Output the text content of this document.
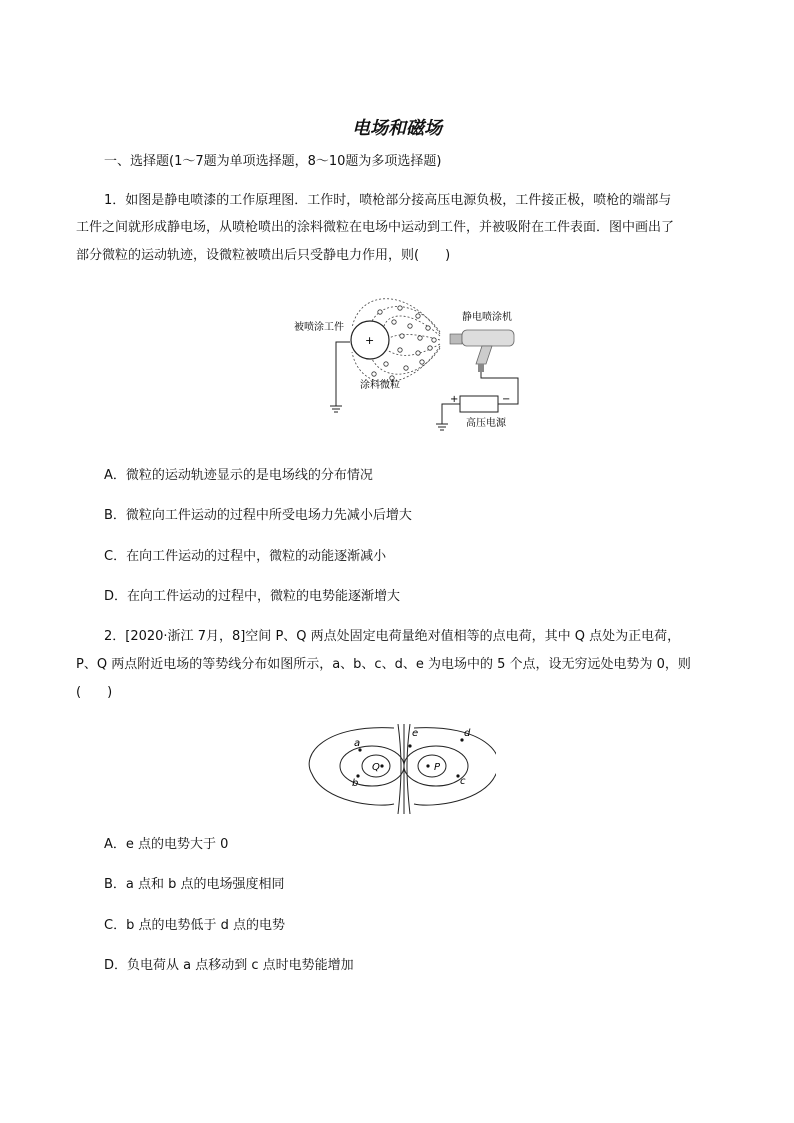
电场和磁场
一、选择题(1～7题为单项选择题，8～10题为多项选择题)
1．如图是静电喷漆的工作原理图．工作时，喷枪部分接高压电源负极，工件接正极，喷枪的端部与
工件之间就形成静电场，从喷枪喷出的涂料微粒在电场中运动到工件，并被吸附在工件表面．图中画出了
部分微粒的运动轨迹，设微粒被喷出后只受静电力作用，则(　　)
+
+	−
被喷涂工件
静电喷涂机
涂料微粒
高压电源
A．微粒的运动轨迹显示的是电场线的分布情况
B．微粒向工件运动的过程中所受电场力先减小后增大
C．在向工件运动的过程中，微粒的动能逐渐减小
D．在向工件运动的过程中，微粒的电势能逐渐增大
2．[2020·浙江 7月，8]空间 P、Q 两点处固定电荷量绝对值相等的点电荷，其中 Q 点处为正电荷，
P、Q 两点附近电场的等势线分布如图所示，a、b、c、d、e 为电场中的 5 个点，设无穷远处电势为 0，则
(　　)
Q	P
a
b	c
d
e
A．e 点的电势大于 0
B．a 点和 b 点的电场强度相同
C．b 点的电势低于 d 点的电势
D．负电荷从 a 点移动到 c 点时电势能增加
